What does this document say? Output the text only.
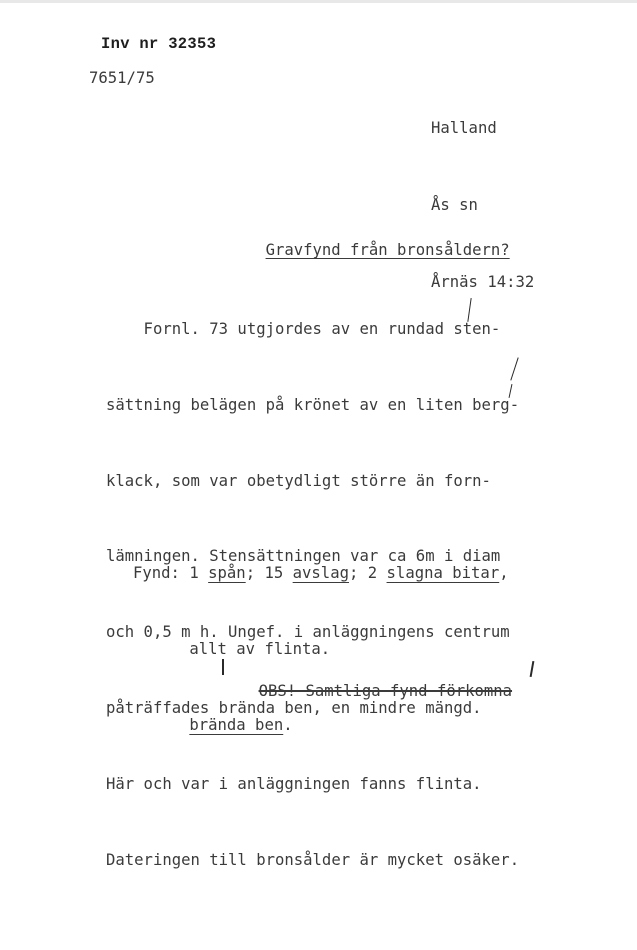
Inv nr 32353
7651/75

Halland

Ås sn

Årnäs 14:32

Gravfynd från bronsåldern?

Fornl. 73 utgjordes av en rundad sten-

sättning belägen på krönet av en liten berg-

klack, som var obetydligt större än forn-

lämningen. Stensättningen var ca 6m i diam

och 0,5 m h. Ungef. i anläggningens centrum

påträffades brända ben, en mindre mängd.

Här och var i anläggningen fanns flinta.

Dateringen till bronsålder är mycket osäker.

Fynd: 1 spån; 15 avslag; 2 slagna bitar,

allt av flinta.

brända ben.

OBS! Samtliga fynd förkomna
